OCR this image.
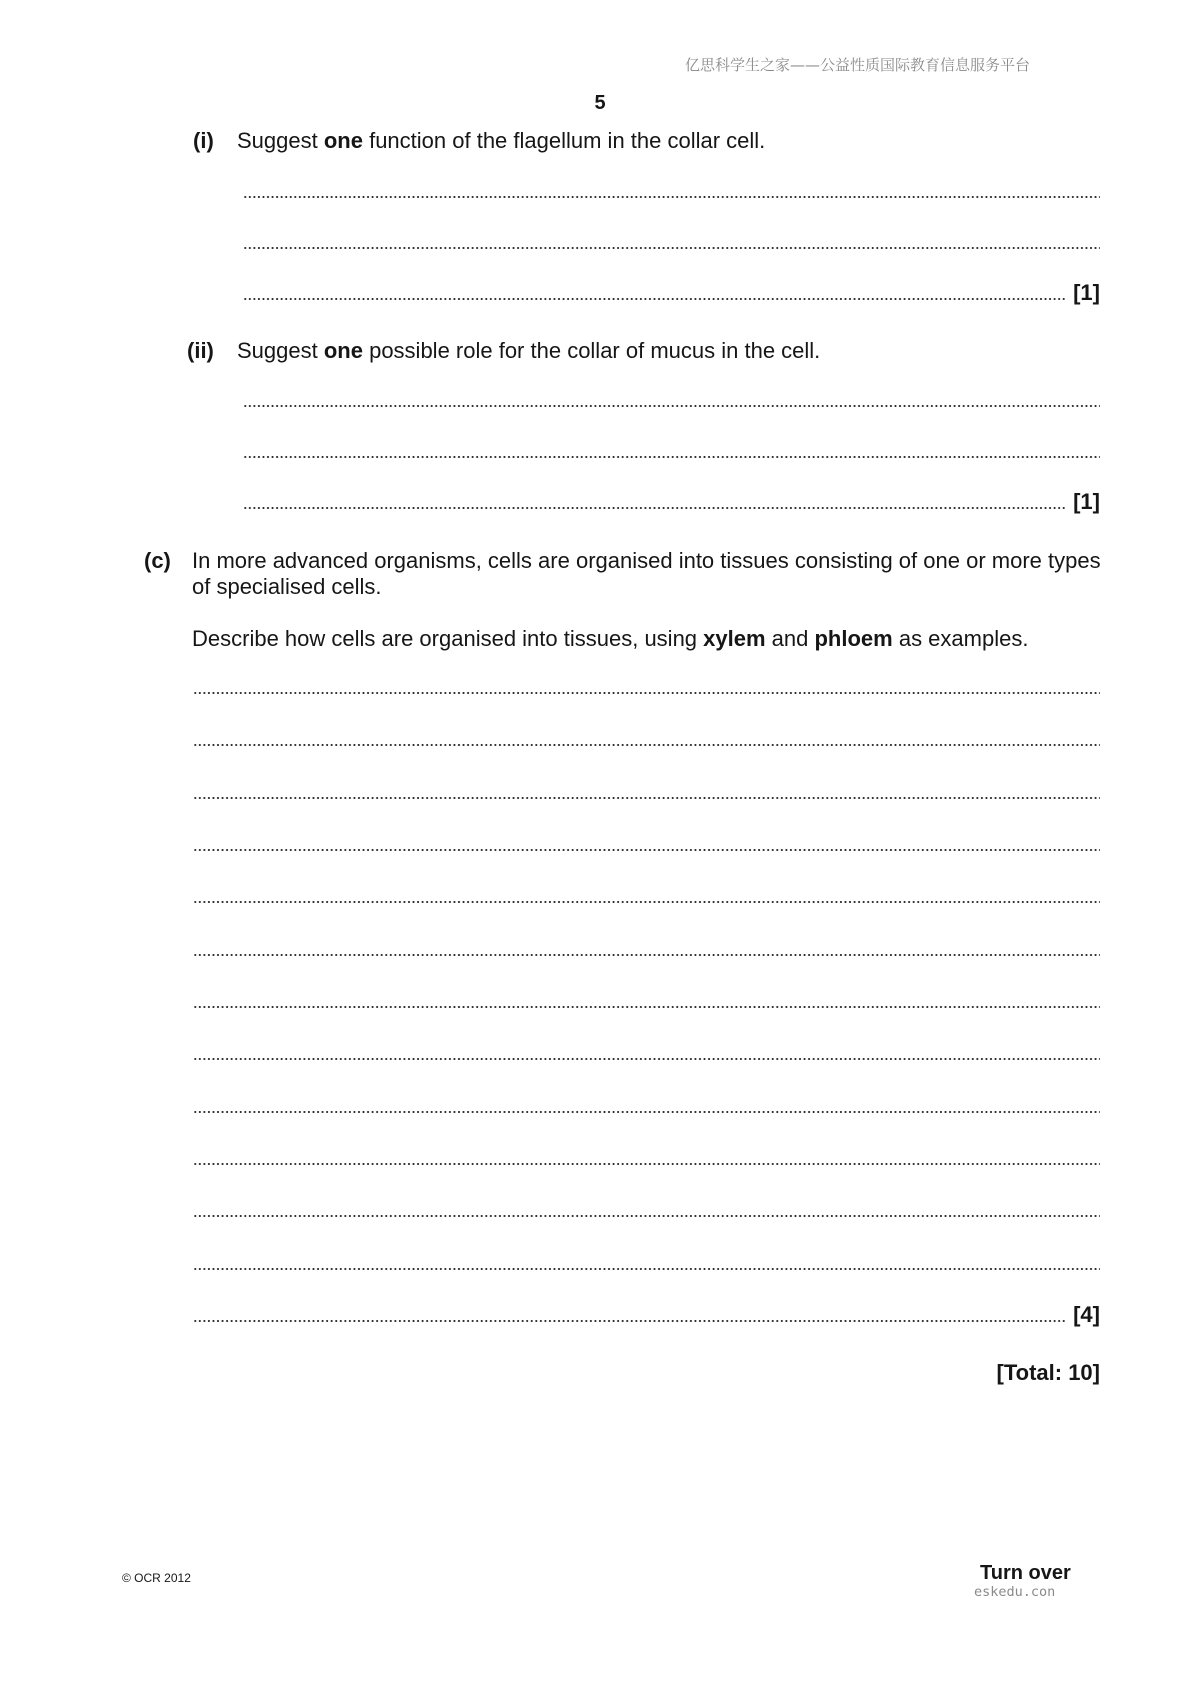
亿思科学生之家——公益性质国际教育信息服务平台
5
(i) Suggest one function of the flagellum in the collar cell.
[1]
(ii) Suggest one possible role for the collar of mucus in the cell.
[1]
(c) In more advanced organisms, cells are organised into tissues consisting of one or more types of specialised cells.
Describe how cells are organised into tissues, using xylem and phloem as examples.
[4]
[Total: 10]
© OCR 2012	Turn over
eskedu.con
